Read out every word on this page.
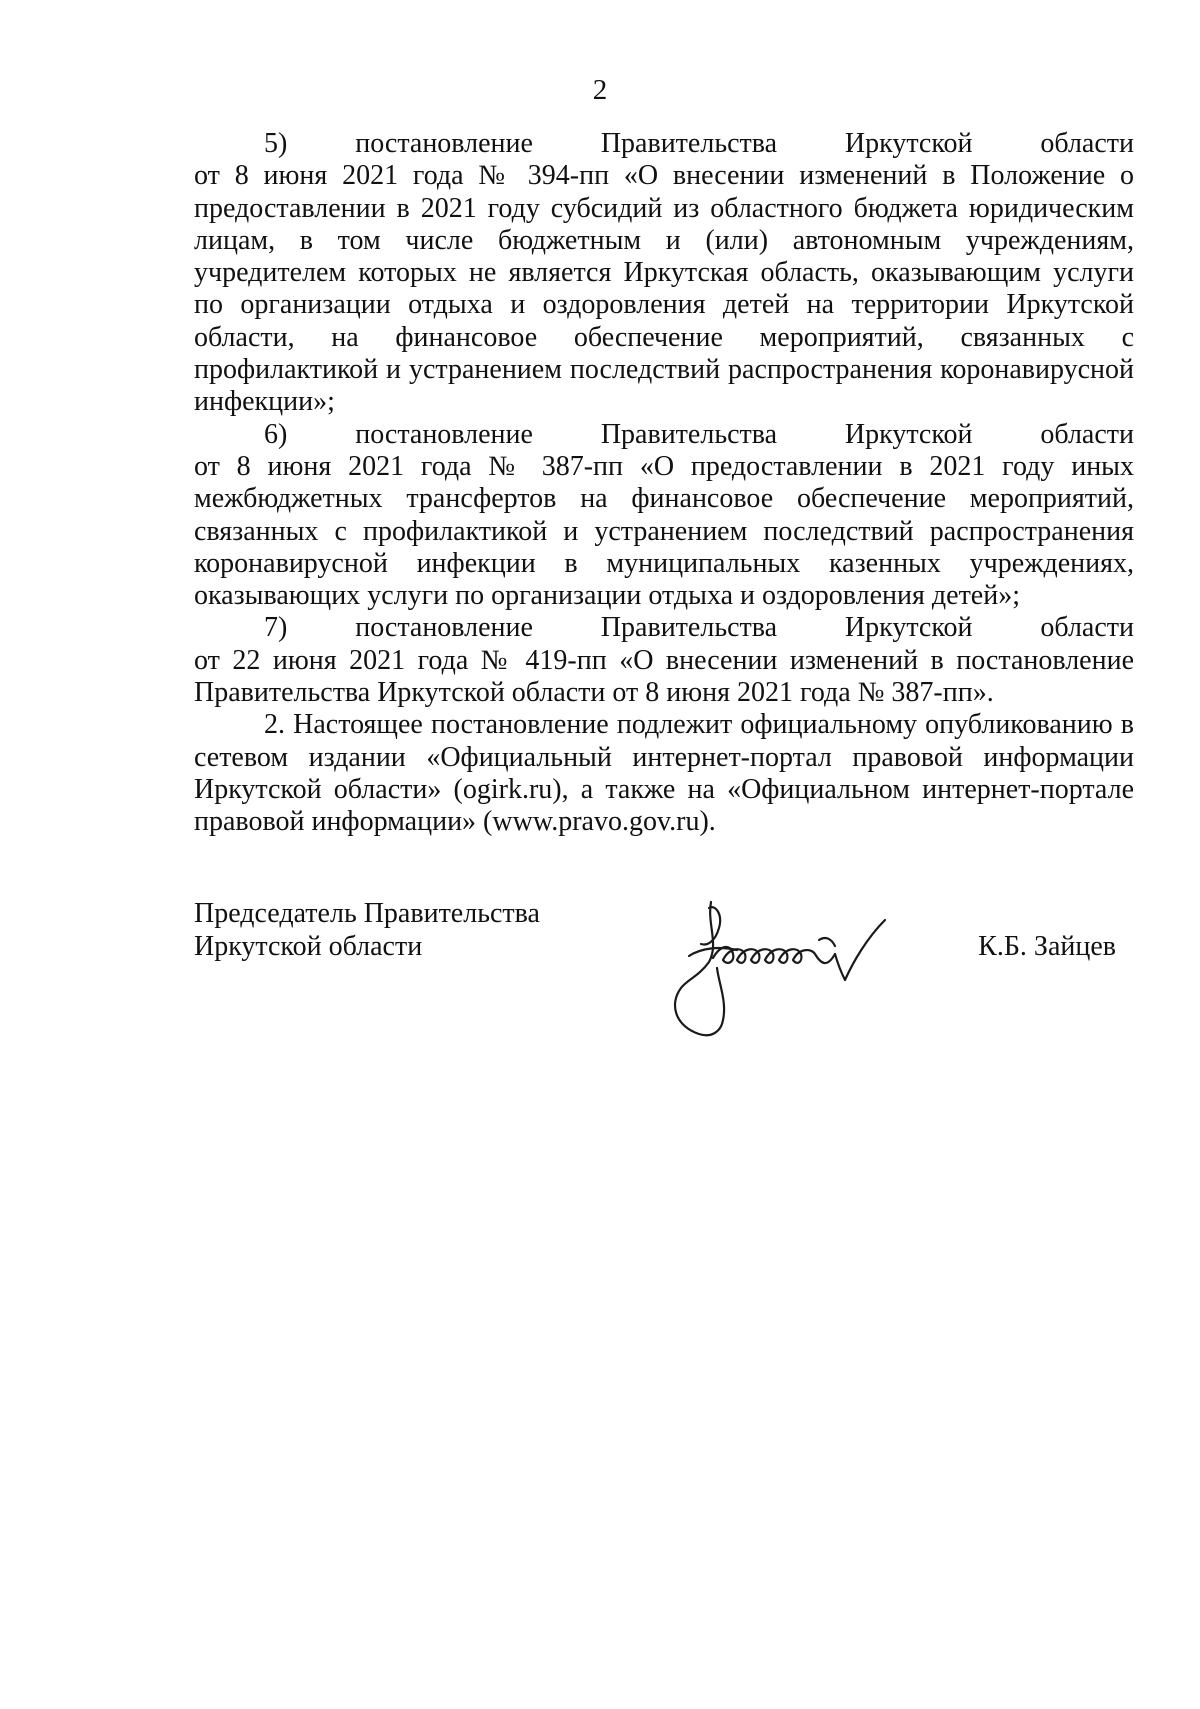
2

5) постановление Правительства Иркутской области
от 8 июня 2021 года № 394-пп «О внесении изменений в Положение о предоставлении в 2021 году субсидий из областного бюджета юридическим лицам, в том числе бюджетным и (или) автономным учреждениям, учредителем которых не является Иркутская область, оказывающим услуги по организации отдыха и оздоровления детей на территории Иркутской области, на финансовое обеспечение мероприятий, связанных с профилактикой и устранением последствий распространения коронавирусной инфекции»;

6) постановление Правительства Иркутской области
от 8 июня 2021 года № 387-пп «О предоставлении в 2021 году иных межбюджетных трансфертов на финансовое обеспечение мероприятий, связанных с профилактикой и устранением последствий распространения коронавирусной инфекции в муниципальных казенных учреждениях, оказывающих услуги по организации отдыха и оздоровления детей»;

7) постановление Правительства Иркутской области
от 22 июня 2021 года № 419-пп «О внесении изменений в постановление Правительства Иркутской области от 8 июня 2021 года № 387-пп».

2. Настоящее постановление подлежит официальному опубликованию в сетевом издании «Официальный интернет-портал правовой информации Иркутской области» (ogirk.ru), а также на «Официальном интернет-портале правовой информации» (www.pravo.gov.ru).

Председатель Правительства
Иркутской области	К.Б. Зайцев
